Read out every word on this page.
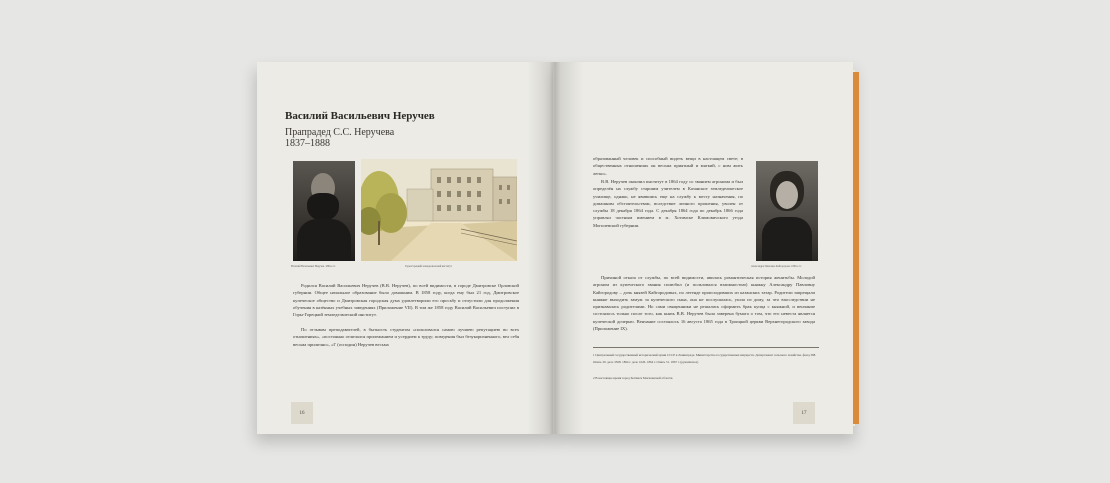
Василий Васильевич Неручев
Прапрадед С.С. Неручева
1837–1888
Василий Васильевич Неручев. 1860-е гг.	Горы-Горецкий земледельческий институт

Родился Василий Васильевич Неручев (В.В. Неручев), по всей видимости, в городе Дмитровске Орловской губернии. Общее начальное образование было домашним. В 1858 году, когда ему был 21 год, Дмитровское купеческое общество и Дмитровская городская дума удовлетворили его просьбу и отпустили для продолжения обучения в казённых учебных заведениях (Приложение VII). В том же 1858 году Василий Васильевич поступил в Горы-Горецкий земледельческий институт.

По отзывам преподавателей, в бытность студентом «пользовался самою лучшею репутациею во всех отношениях», «постоянно отличался прилежанием и усердием к труду; поведения был безукоризненного, вел себя весьма прилично», «Г (осподин) Неручев весьма

16

образованный человек и способный видеть вещи в настоящем свете; в общественных отношениях он весьма приятный и мягкий, с ним жить легко».

В.В. Неручев окончил институт в 1864 году со званием агронома и был определён на службу старшим учителем в Казанское земледельческое училище, однако, не явившись еще на службу к месту назначения, по домашним обстоятельствам, вследствие личного прошения, уволен от службы 18 декабря 1864 года. С декабря 1864 года по декабрь 1866 года управлял частным имением в м. Хотимске Климовичского уезда Могилевской губернии.

Александра Павловна Кайгородова. 1860-е гг.

Причиной отказа от службы, по всей видимости, явилась романтическая история женитьбы. Молодой агроном из купеческого звания полюбил (и пользовался взаимностью) княжну Александру Павловну Кайгородову – дочь князей Кайгородовых, по легенде происходивших из казанских татар. Родители запрещали княжне выходить замуж за купеческого сына, она не послушалась, ушла из дому, за что впоследствии не признавалась родителями. Но сами священники не решались оформить брак купца с княжной, и венчание состоялось только после того, как князь В.В. Неручев была заверена бумага о том, что его невеста является купеческой дочерью. Венчание состоялось 16 августа 1865 года в Троицкой церкви Верхнегородского завода (Приложение IX).

1 Центральный государственный исторический архив СССР в Ленинграде. Министерство государственных имуществ. Департамент сельского хозяйства. фонд 398. Опись 30. дело 3568. 1864 г. дело 1626. 1864 г. Опись 31. 1867 г. (рукописное)

2 В настоящее время город Хотимск Могилевской области.

17
